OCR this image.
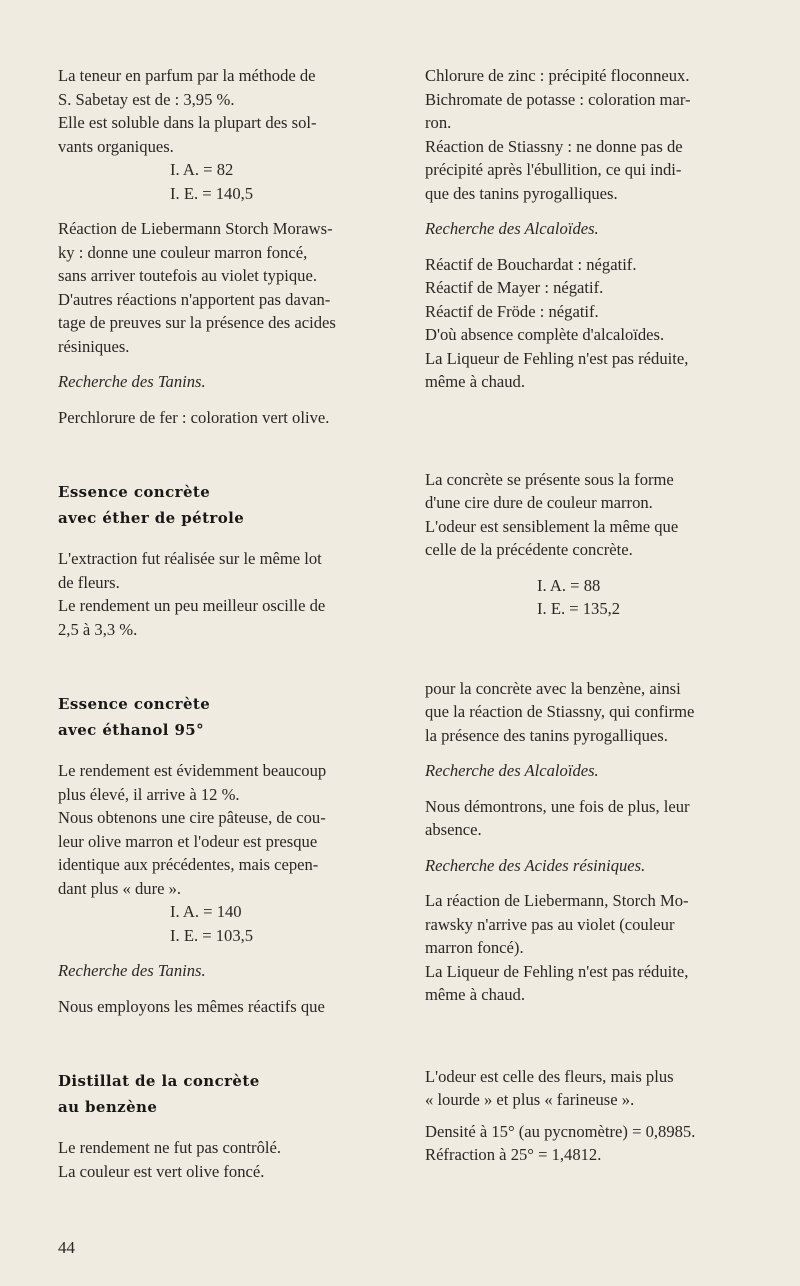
La teneur en parfum par la méthode de

S. Sabetay est de : 3,95 %.

Elle est soluble dans la plupart des sol-

vants organiques.

I. A. = 82

I. E. = 140,5

Réaction de Liebermann Storch Moraws-

ky : donne une couleur marron foncé,

sans arriver toutefois au violet typique.

D'autres réactions n'apportent pas davan-

tage de preuves sur la présence des acides

résiniques.

Recherche des Tanins.

Perchlorure de fer : coloration vert olive.

Essence concrète

avec éther de pétrole

L'extraction fut réalisée sur le même lot

de fleurs.

Le rendement un peu meilleur oscille de

2,5 à 3,3 %.

Essence concrète

avec éthanol 95°

Le rendement est évidemment beaucoup

plus élevé, il arrive à 12 %.

Nous obtenons une cire pâteuse, de cou-

leur olive marron et l'odeur est presque

identique aux précédentes, mais cepen-

dant plus « dure ».

I. A. = 140

I. E. = 103,5

Recherche des Tanins.

Nous employons les mêmes réactifs que

Distillat de la concrète

au benzène

Le rendement ne fut pas contrôlé.

La couleur est vert olive foncé.

Chlorure de zinc : précipité floconneux.

Bichromate de potasse : coloration mar-

ron.

Réaction de Stiassny : ne donne pas de

précipité après l'ébullition, ce qui indi-

que des tanins pyrogalliques.

Recherche des Alcaloïdes.

Réactif de Bouchardat : négatif.

Réactif de Mayer : négatif.

Réactif de Fröde : négatif.

D'où absence complète d'alcaloïdes.

La Liqueur de Fehling n'est pas réduite,

même à chaud.

La concrète se présente sous la forme

d'une cire dure de couleur marron.

L'odeur est sensiblement la même que

celle de la précédente concrète.

I. A. = 88

I. E. = 135,2

pour la concrète avec la benzène, ainsi

que la réaction de Stiassny, qui confirme

la présence des tanins pyrogalliques.

Recherche des Alcaloïdes.

Nous démontrons, une fois de plus, leur

absence.

Recherche des Acides résiniques.

La réaction de Liebermann, Storch Mo-

rawsky n'arrive pas au violet (couleur

marron foncé).

La Liqueur de Fehling n'est pas réduite,

même à chaud.

L'odeur est celle des fleurs, mais plus

« lourde » et plus « farineuse ».

Densité à 15° (au pycnomètre) = 0,8985.

Réfraction à 25° = 1,4812.

44
